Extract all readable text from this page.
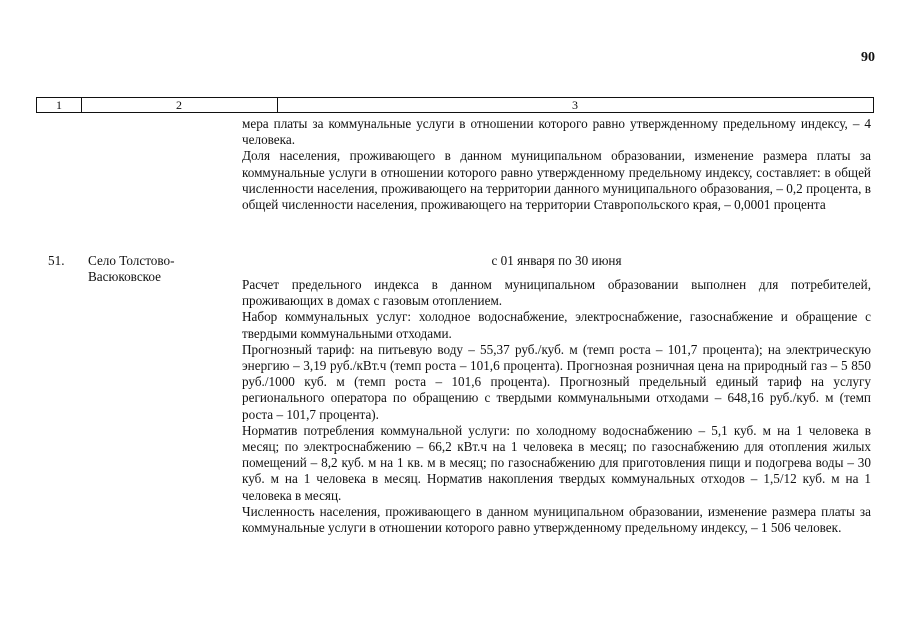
90
1	2	3

мера платы за коммунальные услуги в отношении которого равно утвержденному предельному индексу, – 4 человека.

Доля населения, проживающего в данном муниципальном образовании, изменение размера платы за коммунальные услуги в отношении которого равно утвержденному предельному индексу, составляет: в общей численности населения, проживающего на территории данного муниципального образования, – 0,2 процента, в общей численности населения, проживающего на территории Ставропольского края, – 0,0001 процента

51. Село Толстово-Васюковское
с 01 января по 30 июня

Расчет предельного индекса в данном муниципальном образовании выполнен для потребителей, проживающих в домах с газовым отоплением.

Набор коммунальных услуг: холодное водоснабжение, электроснабжение, газоснабжение и обращение с твердыми коммунальными отходами.

Прогнозный тариф: на питьевую воду – 55,37 руб./куб. м (темп роста – 101,7 процента); на электрическую энергию – 3,19 руб./кВт.ч (темп роста – 101,6 процента). Прогнозная розничная цена на природный газ – 5 850 руб./1000 куб. м (темп роста – 101,6 процента). Прогнозный предельный единый тариф на услугу регионального оператора по обращению с твердыми коммунальными отходами – 648,16 руб./куб. м (темп роста – 101,7 процента).

Норматив потребления коммунальной услуги: по холодному водоснабжению – 5,1 куб. м на 1 человека в месяц; по электроснабжению – 66,2 кВт.ч на 1 человека в месяц; по газоснабжению для отопления жилых помещений – 8,2 куб. м на 1 кв. м в месяц; по газоснабжению для приготовления пищи и подогрева воды – 30 куб. м на 1 человека в месяц. Норматив накопления твердых коммунальных отходов – 1,5/12 куб. м на 1 человека в месяц.

Численность населения, проживающего в данном муниципальном образовании, изменение размера платы за коммунальные услуги в отношении которого равно утвержденному предельному индексу, – 1 506 человек.
